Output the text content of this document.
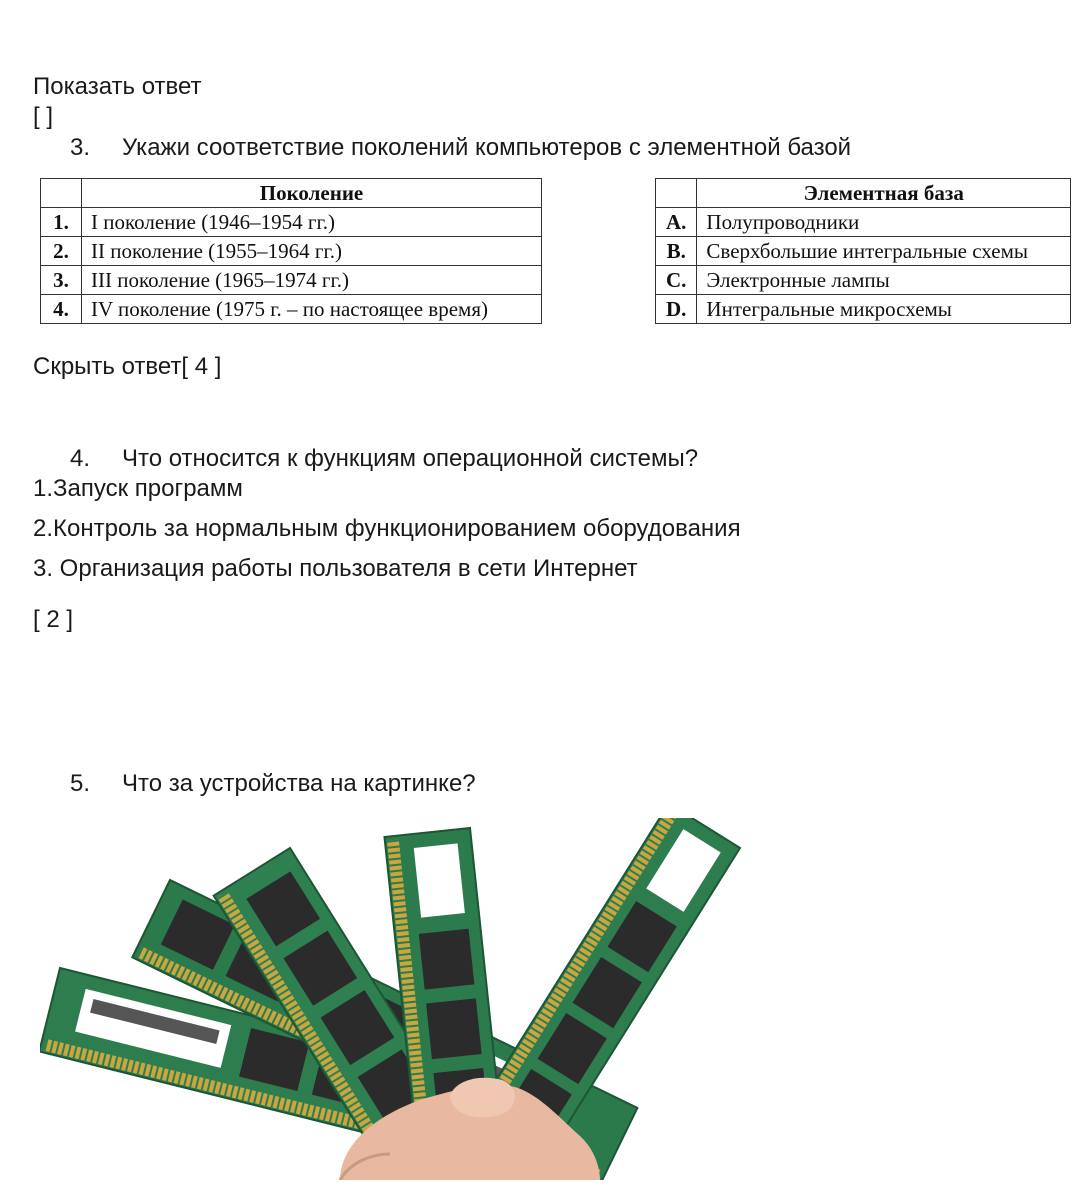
Показать ответ
[ ]
3. Укажи соответствие поколений компьютеров с элементной базой
	Поколение
1.	I поколение (1946–1954 гг.)
2.	II поколение (1955–1964 гг.)
3.	III поколение (1965–1974 гг.)
4.	IV поколение (1975 г. – по настоящее время)
	Элементная база
A.	Полупроводники
B.	Сверхбольшие интегральные схемы
C.	Электронные лампы
D.	Интегральные микросхемы
Скрыть ответ[ 4 ]
4. Что относится к функциям операционной системы?
1.Запуск программ
2.Контроль за нормальным функционированием оборудования
3. Организация работы пользователя в сети Интернет
[ 2 ]
5. Что за устройства на картинке?
